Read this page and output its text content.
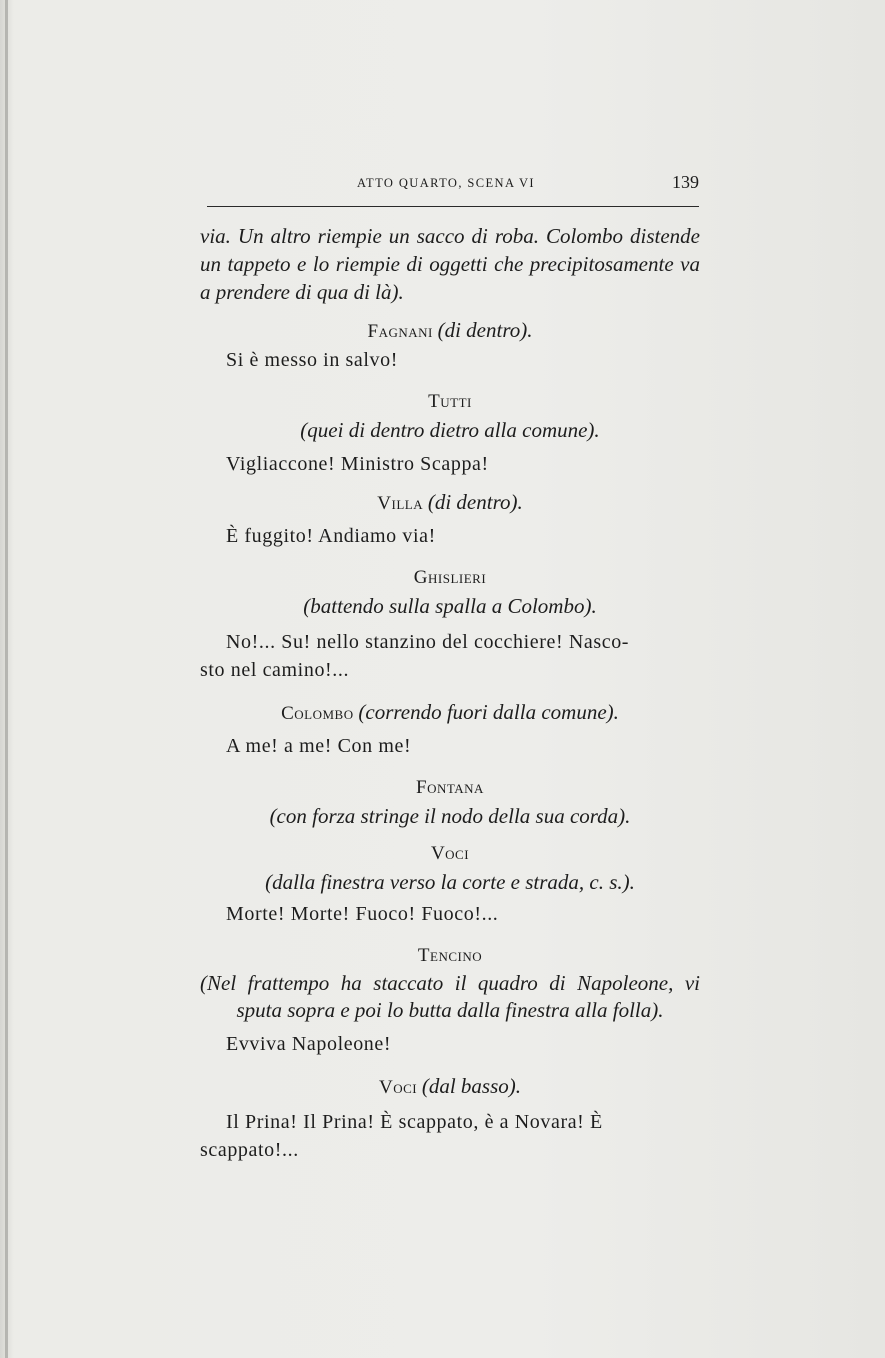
ATTO QUARTO, SCENA VI	139

via. Un altro riempie un sacco di roba. Colombo distende un tappeto e lo riempie di oggetti che precipitosamente va a prendere di qua di là).

Fagnani (di dentro).

Si è messo in salvo!

Tutti

(quei di dentro dietro alla comune).

Vigliaccone! Ministro Scappa!

Villa (di dentro).

È fuggito! Andiamo via!

Ghislieri

(battendo sulla spalla a Colombo).

No!... Su! nello stanzino del cocchiere! Nasco-
sto nel camino!...

Colombo (correndo fuori dalla comune).

A me! a me! Con me!

Fontana

(con forza stringe il nodo della sua corda).

Voci

(dalla finestra verso la corte e strada, c. s.).

Morte! Morte! Fuoco! Fuoco!...

Tencino

(Nel frattempo ha staccato il quadro di Napoleone, vi sputa sopra e poi lo butta dalla finestra alla folla).

Evviva Napoleone!

Voci (dal basso).

Il Prina! Il Prina! È scappato, è a Novara! È
scappato!...
